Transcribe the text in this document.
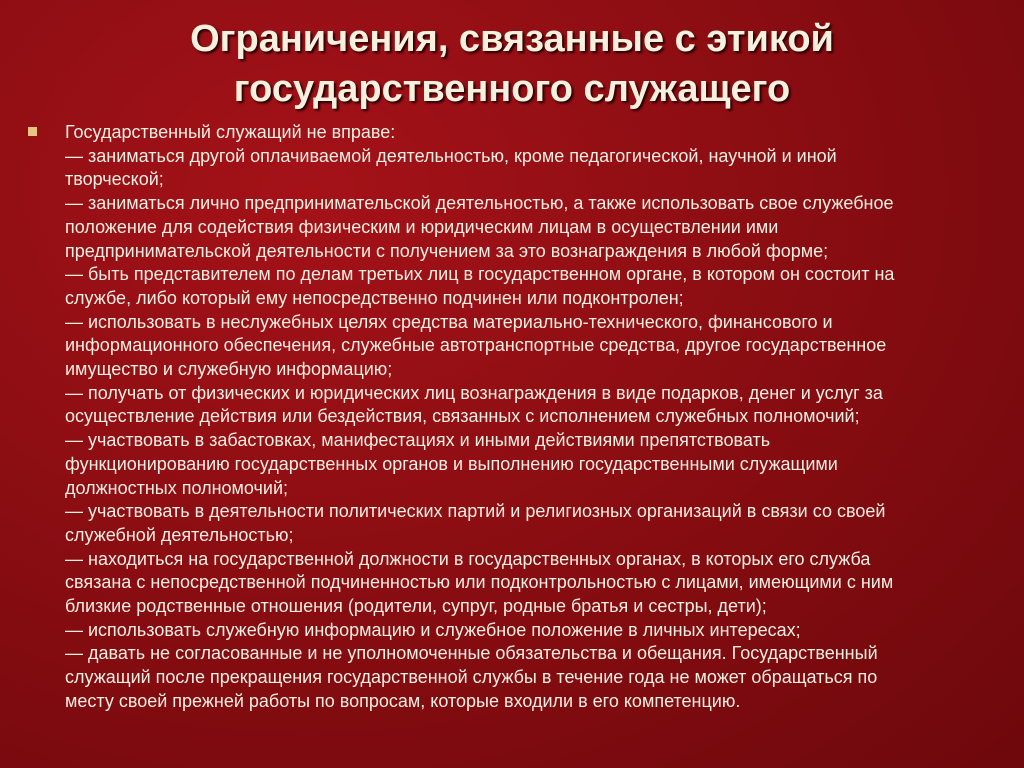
Ограничения, связанные с этикой
государственного служащего
Государственный служащий не вправе:
— заниматься другой оплачиваемой деятельностью, кроме педагогической, научной и иной
творческой;
— заниматься лично предпринимательской деятельностью, а также использовать свое служебное
положение для содействия физическим и юридическим лицам в осуществлении ими
предпринимательской деятельности с получением за это вознаграждения в любой форме;
— быть представителем по делам третьих лиц в государственном органе, в котором он состоит на
службе, либо который ему непосредственно подчинен или подконтролен;
— использовать в неслужебных целях средства материально-технического, финансового и
информационного обеспечения, служебные автотранспортные средства, другое государственное
имущество и служебную информацию;
— получать от физических и юридических лиц вознаграждения в виде подарков, денег и услуг за
осуществление действия или бездействия, связанных с исполнением служебных полномочий;
— участвовать в забастовках, манифестациях и иными действиями препятствовать
функционированию государственных органов и выполнению государственными служащими
должностных полномочий;
— участвовать в деятельности политических партий и религиозных организаций в связи со своей
служебной деятельностью;
— находиться на государственной должности в государственных органах, в которых его служба
связана с непосредственной подчиненностью или подконтрольностью с лицами, имеющими с ним
близкие родственные отношения (родители, супруг, родные братья и сестры, дети);
— использовать служебную информацию и служебное положение в личных интересах;
— давать не согласованные и не уполномоченные обязательства и обещания. Государственный
служащий после прекращения государственной службы в течение года не может обращаться по
месту своей прежней работы по вопросам, которые входили в его компетенцию.
